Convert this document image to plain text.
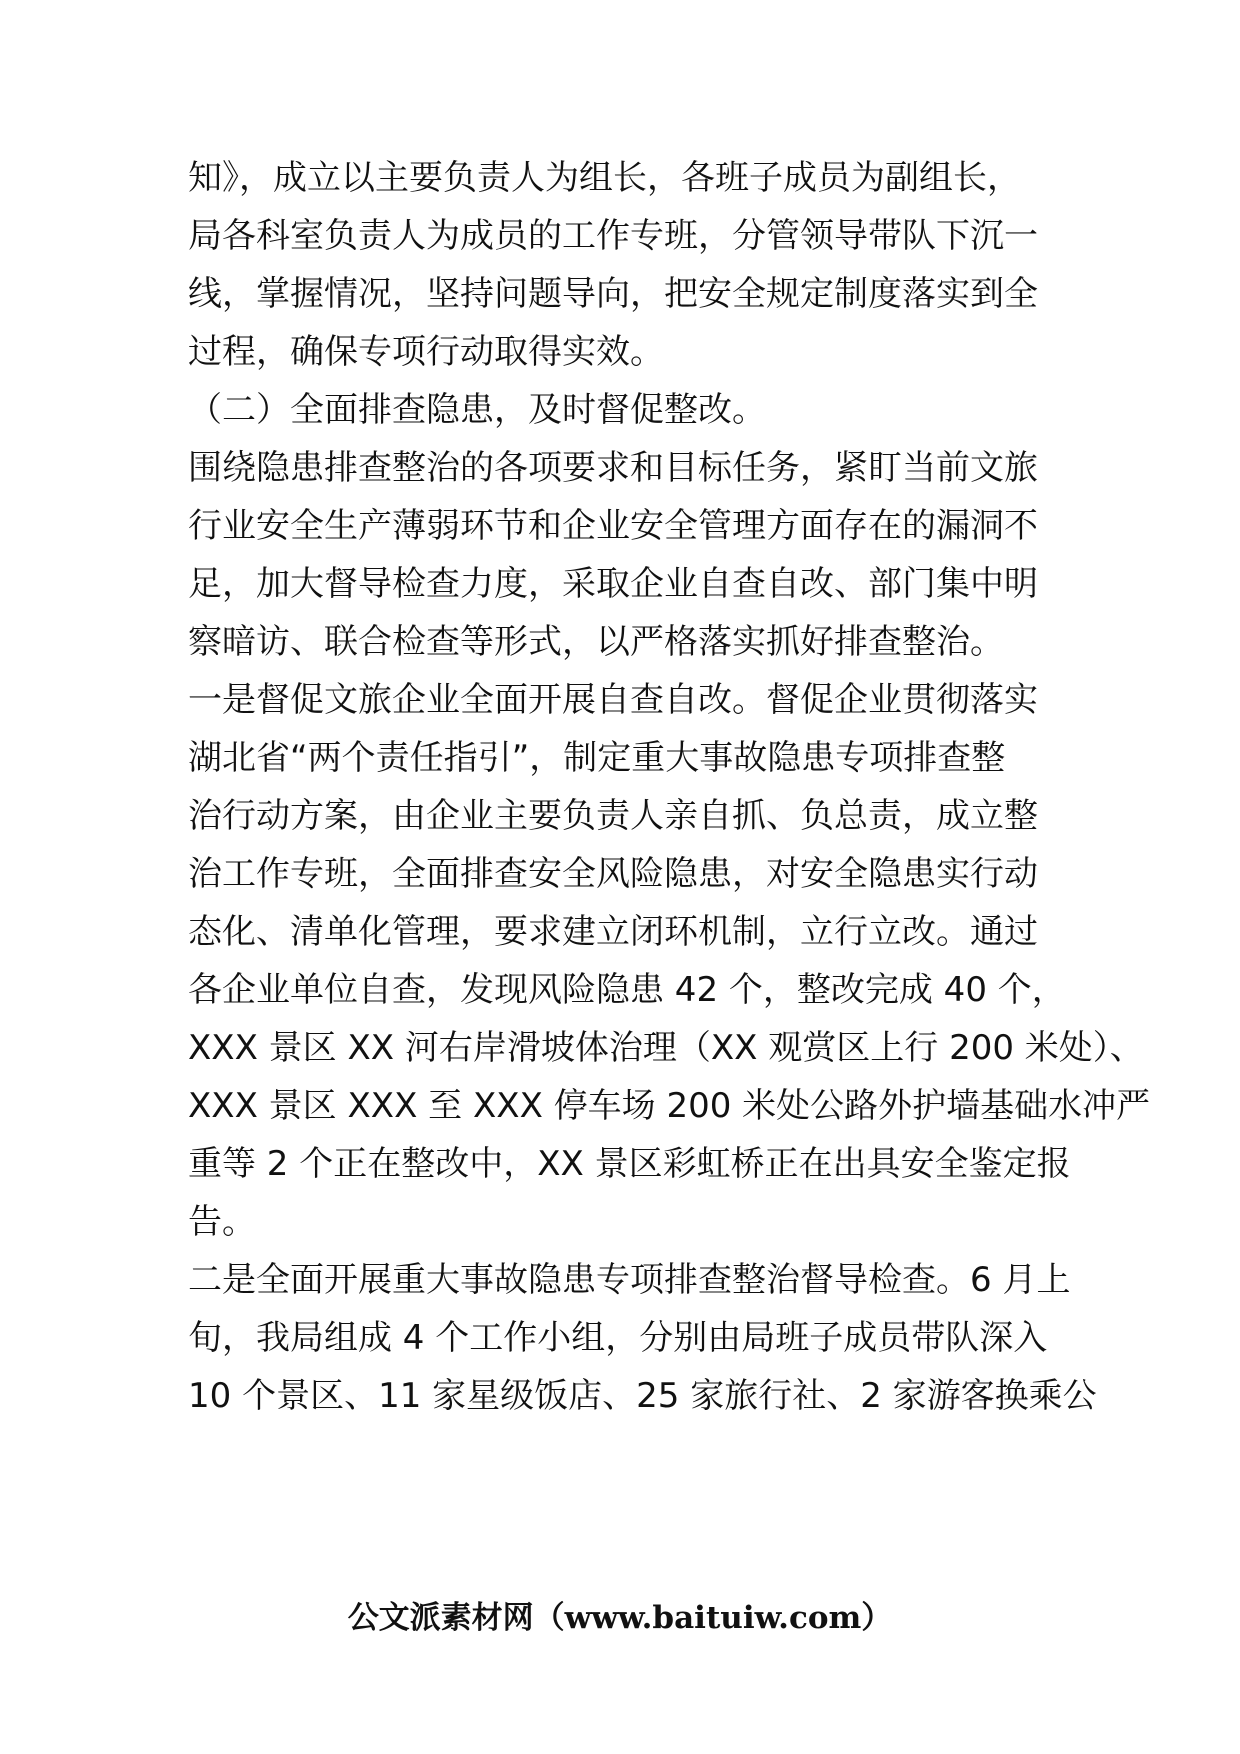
知》，成立以主要负责人为组长，各班子成员为副组长，
局各科室负责人为成员的工作专班，分管领导带队下沉一
线，掌握情况，坚持问题导向，把安全规定制度落实到全
过程，确保专项行动取得实效。
（二）全面排查隐患，及时督促整改。
围绕隐患排查整治的各项要求和目标任务，紧盯当前文旅
行业安全生产薄弱环节和企业安全管理方面存在的漏洞不
足，加大督导检查力度，采取企业自查自改、部门集中明
察暗访、联合检查等形式，以严格落实抓好排查整治。
一是督促文旅企业全面开展自查自改。督促企业贯彻落实
湖北省“两个责任指引”，制定重大事故隐患专项排查整
治行动方案，由企业主要负责人亲自抓、负总责，成立整
治工作专班，全面排查安全风险隐患，对安全隐患实行动
态化、清单化管理，要求建立闭环机制，立行立改。通过
各企业单位自查，发现风险隐患 42 个，整改完成 40 个，
XXX 景区 XX 河右岸滑坡体治理（XX 观赏区上行 200 米处）、
XXX 景区 XXX 至 XXX 停车场 200 米处公路外护墙基础水冲严
重等 2 个正在整改中，XX 景区彩虹桥正在出具安全鉴定报
告。
二是全面开展重大事故隐患专项排查整治督导检查。6 月上
旬，我局组成 4 个工作小组，分别由局班子成员带队深入
10 个景区、11 家星级饭店、25 家旅行社、2 家游客换乘公
公文派素材网（www.baituiw.com）
